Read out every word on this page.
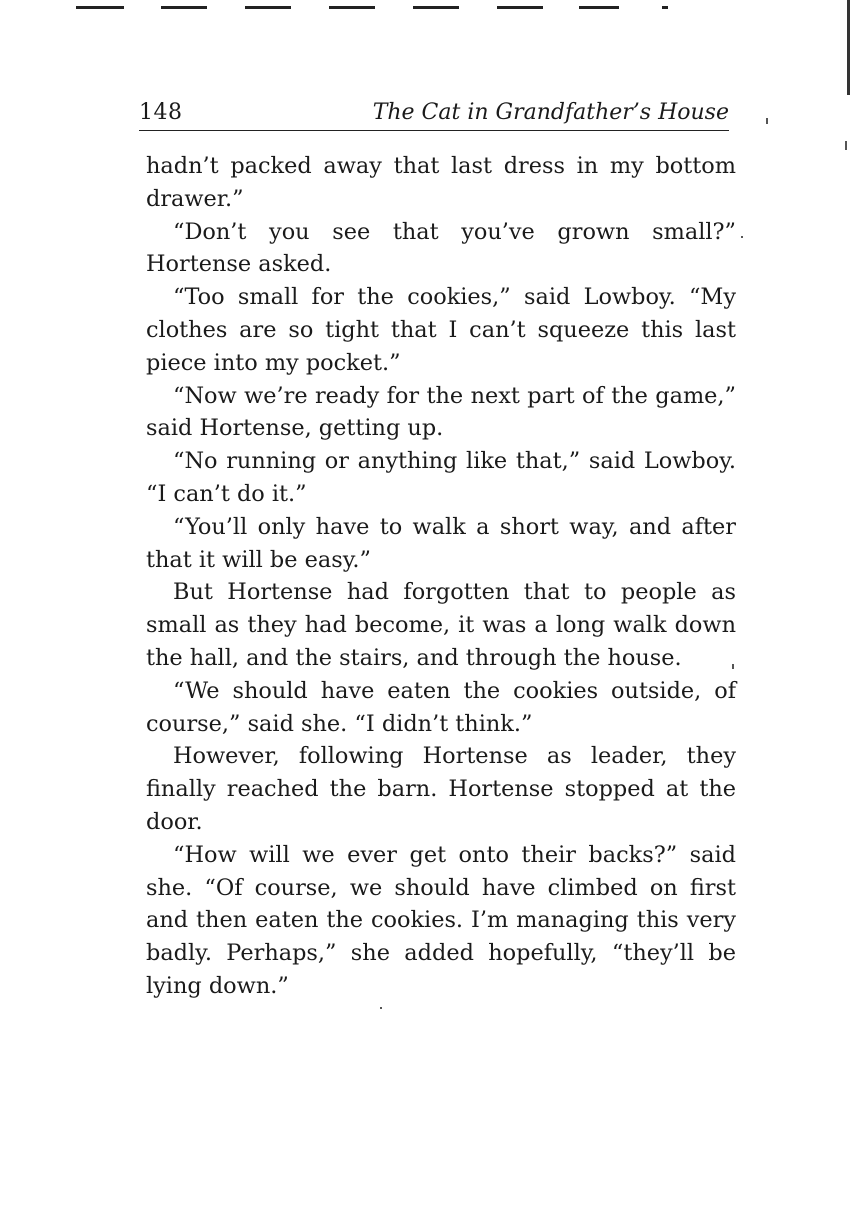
148	The Cat in Grandfather’s House

hadn’t packed away that last dress in my bottom drawer.”

“Don’t you see that you’ve grown small?” Hortense asked.

“Too small for the cookies,” said Lowboy. “My clothes are so tight that I can’t squeeze this last piece into my pocket.”

“Now we’re ready for the next part of the game,” said Hortense, getting up.

“No running or anything like that,” said Lowboy. “I can’t do it.”

“You’ll only have to walk a short way, and after that it will be easy.”

But Hortense had forgotten that to people as small as they had become, it was a long walk down the hall, and the stairs, and through the house.

“We should have eaten the cookies outside, of course,” said she. “I didn’t think.”

However, following Hortense as leader, they finally reached the barn. Hortense stopped at the door.

“How will we ever get onto their backs?” said she. “Of course, we should have climbed on first and then eaten the cookies. I’m managing this very badly. Perhaps,” she added hopefully, “they’ll be lying down.”
